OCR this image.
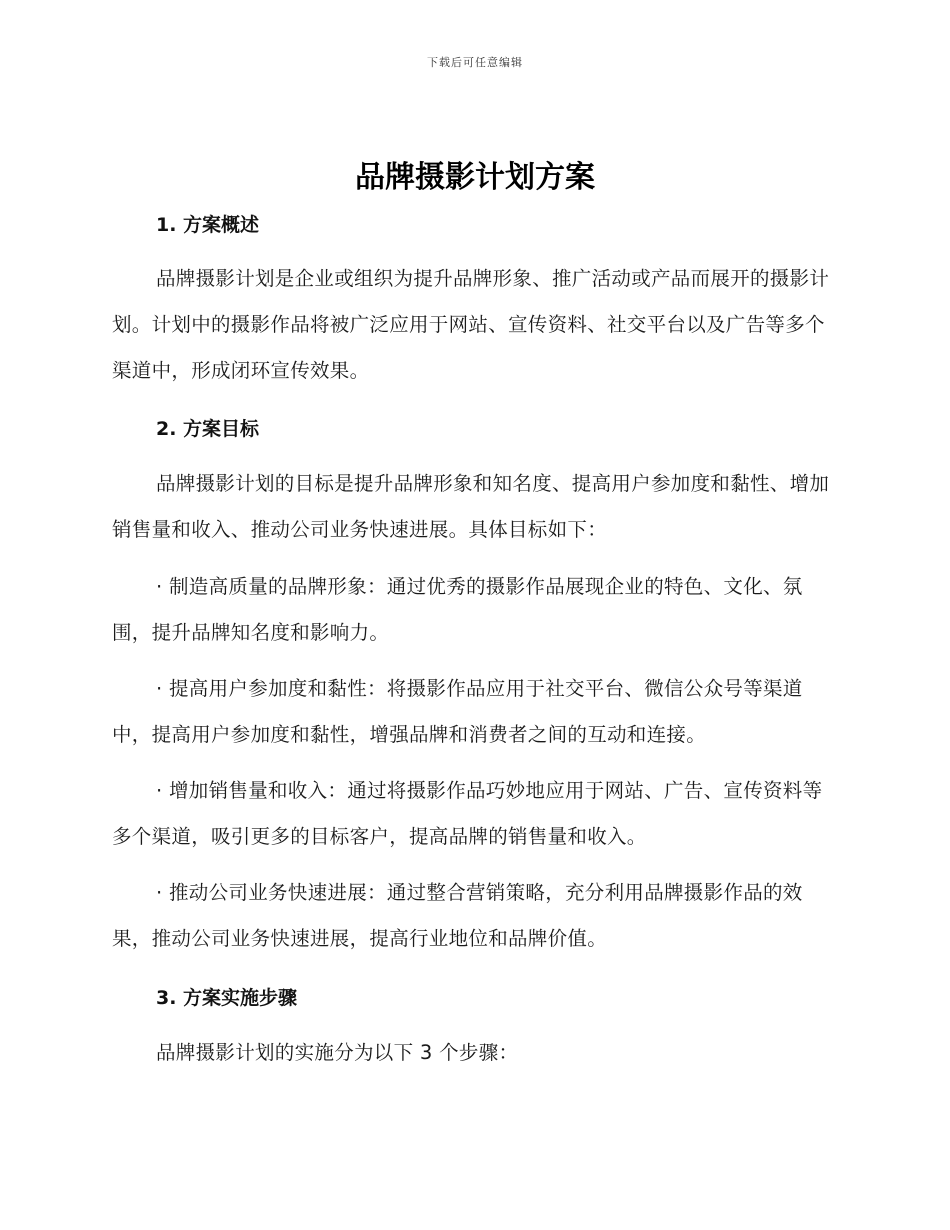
下载后可任意编辑
品牌摄影计划方案
1. 方案概述

品牌摄影计划是企业或组织为提升品牌形象、推广活动或产品而展开的摄影计划。计划中的摄影作品将被广泛应用于网站、宣传资料、社交平台以及广告等多个渠道中，形成闭环宣传效果。

2. 方案目标

品牌摄影计划的目标是提升品牌形象和知名度、提高用户参加度和黏性、增加销售量和收入、推动公司业务快速进展。具体目标如下：

· 制造高质量的品牌形象：通过优秀的摄影作品展现企业的特色、文化、氛围，提升品牌知名度和影响力。

· 提高用户参加度和黏性：将摄影作品应用于社交平台、微信公众号等渠道中，提高用户参加度和黏性，增强品牌和消费者之间的互动和连接。

· 增加销售量和收入：通过将摄影作品巧妙地应用于网站、广告、宣传资料等多个渠道，吸引更多的目标客户，提高品牌的销售量和收入。

· 推动公司业务快速进展：通过整合营销策略，充分利用品牌摄影作品的效果，推动公司业务快速进展，提高行业地位和品牌价值。

3. 方案实施步骤

品牌摄影计划的实施分为以下 3 个步骤：
